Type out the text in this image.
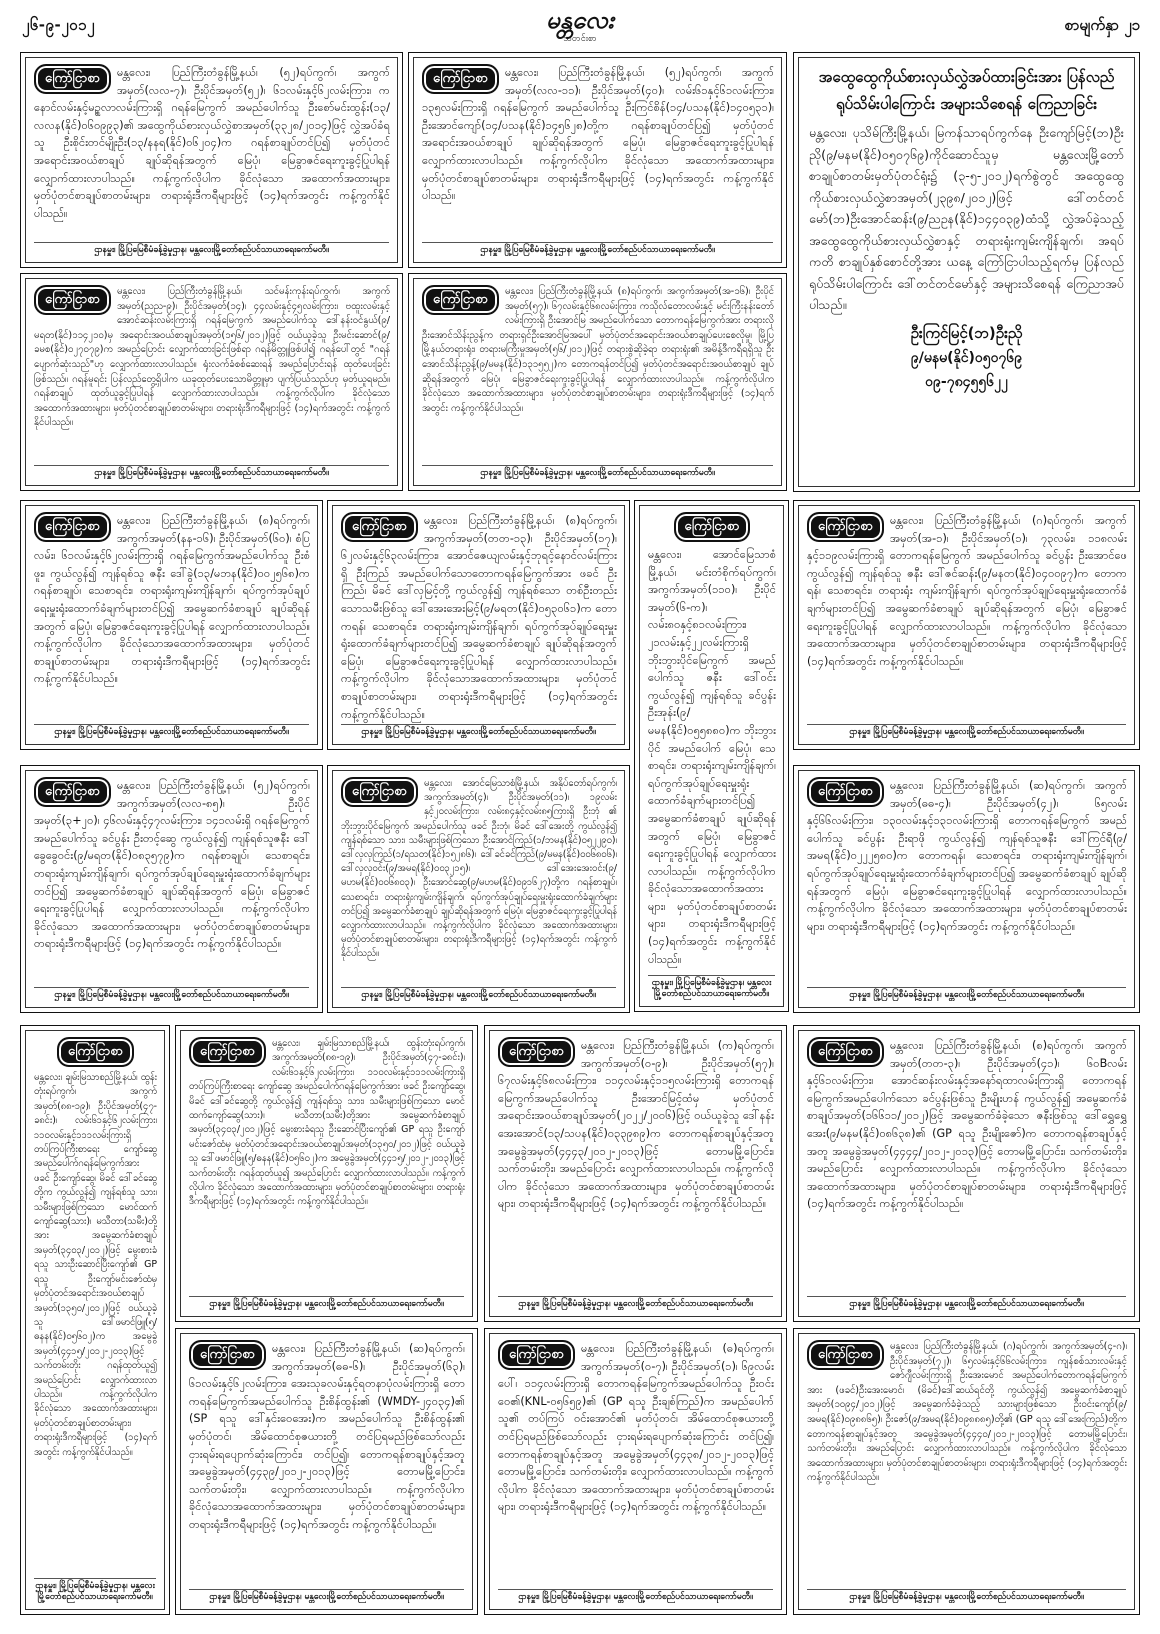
၂၆-၉-၂၀၁၂	မန္တလေး
သတင်းစာ
စာမျက်နှာ ၂၁
ကြော်ငြာစာ	မန္တလေး၊ ပြည်ကြီးတံခွန်မြို့နယ်၊ (၅၂)ရပ်ကွက်၊ အကွက်အမှတ်(လလ-၇)၊ ဦးပိုင်အမှတ်(၅၂)၊ ၆၁လမ်းနှင့်၆၂လမ်းကြား၊ ကနောင်လမ်းနှင့်မဉ္စလာလမ်းကြားရှိ ဂရန်မြေကွက် အမည်ပေါက်သူ ဦးစော်မင်းထွန်း(၁၃/လလန(နိုင်)၀၆၀၉၉၃)၏ အထွေကိုယ်စားလှယ်လွှဲစာအမှတ်(၃၃၂၈/၂၀၁၄)ဖြင့် လွှဲအပ်ခံရသူ ဦးစိုင်းတင်မျိုးဦး(၁၃/နနရ(နိုင်)၀၆၂၀၄)က ဂရန်စာချုပ်တင်ပြ၍ မှတ်ပုံတင်အရောင်းအဝယ်စာချုပ် ချုပ်ဆိုရန်အတွက် မြေပုံ၊ မြေခွာဇင်ရေးကူးခွင့်ပြုပါရန် လျှောက်ထားလာပါသည်။ ကန့်ကွက်လိုပါက ခိုင်လုံသော အထောက်အထားများ၊ မှတ်ပုံတင်စာချုပ်စာတမ်းများ၊ တရားရုံးဒီကရီများဖြင့် (၁၄)ရက်အတွင်း ကန့်ကွက်နိုင်ပါသည်။
ဌာနမှူး၊ မြို့ပြမြေစီမံခန့်ခွဲမှုဌာန၊ မန္တလေးမြို့တော်စည်ပင်သာယာရေးကော်မတီ။
ကြော်ငြာစာ	မန္တလေး၊ ပြည်ကြီးတံခွန်မြို့နယ်၊ (၅၂)ရပ်ကွက်၊ အကွက်အမှတ်(လလ-၁၁)၊ ဦးပိုင်အမှတ်(၄၀)၊ လမ်း၆၁နှင့်၆၁လမ်းကြား၊ ၁၃၅လမ်းကြားရှိ ဂရန်မြေကွက် အမည်ပေါက်သူ ဦးကြင်စိန်(၁၄/ပသန(နိုင်)၁၄၀၅၃၁)၊ ဦးအောင်ကျော်(၁၄/ပသန(နိုင်)၁၄၅၆၂၈)တို့က ဂရန်စာချုပ်တင်ပြ၍ မှတ်ပုံတင်အရောင်းအဝယ်စာချုပ် ချုပ်ဆိုရန်အတွက် မြေပုံ၊ မြေခွာဇင်ရေးကူးခွင့်ပြုပါရန် လျှောက်ထားလာပါသည်။ ကန့်ကွက်လိုပါက ခိုင်လုံသော အထောက်အထားများ၊ မှတ်ပုံတင်စာချုပ်စာတမ်းများ၊ တရားရုံးဒီကရီများဖြင့် (၁၄)ရက်အတွင်း ကန့်ကွက်နိုင်ပါသည်။
ဌာနမှူး၊ မြို့ပြမြေစီမံခန့်ခွဲမှုဌာန၊ မန္တလေးမြို့တော်စည်ပင်သာယာရေးကော်မတီ။
အထွေထွေကိုယ်စားလှယ်လွှဲအပ်ထားခြင်းအား ပြန်လည်ရုပ်သိမ်းပါကြောင်း အများသိစေရန် ကြေညာခြင်း
မန္တလေး၊ ပုသိမ်ကြီးမြို့နယ်၊ မြကန်သာရပ်ကွက်နေ ဦးကျော်မြင့်(ဘ)ဦးညို(၉/မနမ(နိုင်)၀၅၀၇၆၉)ကိုင်ဆောင်သူမှ မန္တလေးမြို့တော် စာချုပ်စာတမ်းမှတ်ပုံတင်ရုံး၌ (၃-၅-၂၀၁၂)ရက်စွဲတွင် အထွေထွေကိုယ်စားလှယ်လွှဲစာအမှတ်(၂၃၉၈/၂၀၁၂)ဖြင့် ဒေါ်တင်တင်မော်(ဘ)ဦးအောင်ဆန်း(၉/ညဥန(နိုင်)၁၄၄၀၃၉)ထံသို့ လွှဲအပ်ခဲ့သည့် အထွေထွေကိုယ်စားလှယ်လွှဲစာနှင့် တရားရုံးကျမ်းကျိန်ချက်၊ အရပ်ကတိ စာချုပ်နှစ်စောင်တို့အား ယနေ့ ကြော်ငြာပါသည့်ရက်မှ ပြန်လည်ရုပ်သိမ်းပါကြောင်း ဒေါ်တင်တင်မော်နှင့် အများသိစေရန် ကြေညာအပ်ပါသည်။
ဦးကြင်မြင့်(ဘ)ဦးညို
၉/မနမ(နိုင်)၀၅၀၇၆၉
၀၉-၇၈၄၅၅၆၂၂
ကြော်ငြာစာ
မန္တလေး၊ ပြည်ကြီးတံခွန်မြို့နယ်၊ သင်မန်းကုန်းရပ်ကွက်၊ အကွက်အမှတ်(ညည-၉)၊ ဦးပိုင်အမှတ်(၁၄)၊ ၄၄လမ်းနှင့်၄၅လမ်းကြား၊ ဗထူးလမ်းနှင့်အောင်ဆန်းလမ်းကြားရှိ ဂရန်မြေကွက် အမည်ပေါက်သူ ဒေါ်နန်းဝင်နွယ်(၉/မရတ(နိုင်)၁၁၄၂၁၀)မှ အရောင်းအဝယ်စာချုပ်အမှတ်(၁၅၆/၂၀၁၂)ဖြင့် ဝယ်ယူခဲ့သူ ဦးမင်းဆောင်(၉/ခမစ(နိုင်)၀၂၇၀၇၉)က အမည်ပြောင်း လျှောက်ထားခြင်းဖြစ်ရာ ဂရန်မိတ္တူဖြစ်ပါ၍ ဂရန်ပေါ်တွင် "ဂရန်ပျောက်ဆုံးသည်"ဟု လျှောက်ထားလာပါသည်။ ရုံးလက်ခံစစ်ဆေးရန် အမည်ပြောင်းရန် ထုတ်ပေးခြင်းဖြစ်သည်။ ဂရန်မူရင်း ပြန်လည်တွေ့ရှိပါက ယခုထုတ်ပေးသောမိတ္တူမှာ ပျက်ပြယ်သည်ဟု မှတ်ယူရမည်။ ဂရန်စာချုပ် ထုတ်ယူခွင့်ပြုပါရန် လျှောက်ထားလာပါသည်။ ကန့်ကွက်လိုပါက ခိုင်လုံသော အထောက်အထားများ၊ မှတ်ပုံတင်စာချုပ်စာတမ်းများ၊ တရားရုံးဒီကရီများဖြင့် (၁၄)ရက်အတွင်း ကန့်ကွက်နိုင်ပါသည်။
ဌာနမှူး၊ မြို့ပြမြေစီမံခန့်ခွဲမှုဌာန၊ မန္တလေးမြို့တော်စည်ပင်သာယာရေးကော်မတီ။
ကြော်ငြာစာ
မန္တလေး၊ ပြည်ကြီးတံခွန်မြို့နယ်၊ (၈)ရပ်ကွက်၊ အကွက်အမှတ်(အ-၁၆)၊ ဦးပိုင်အမှတ်(၅၇)၊ ၆၇လမ်းနှင့်၆၈လမ်းကြား၊ ကသိုလ်တောလမ်းနှင့် မင်းကြီးနန်းတော်လမ်းကြားရှိ ဦးအောင်မြ အမည်ပေါက်သော တောကရန်မြေကွက်အား တရားလို ဦးအောင်သိန်းညွန့်က တရားရှင်ဦးအောင်မြအပေါ် မှတ်ပုံတင်အရောင်းအဝယ်စာချုပ်ပေးစေလိုမှု၊ မြို့ပြမြို့နယ်တရားရုံး၊ တရားမကြီးမှုအမှတ်(၅၆/၂၀၁၂)ဖြင့် တရားစွဲဆိုခဲ့ရာ တရားရုံး၏ အမိန့်ဒီကရီရရှိသူ ဦးအောင်သိန်းညွန့်(၉/မမန(နိုင်)၁၃၁၅၅၂)က တောကရန်တင်ပြ၍ မှတ်ပုံတင်အရောင်းအဝယ်စာချုပ် ချုပ်ဆိုရန်အတွက် မြေပုံ၊ မြေခွာဇင်ရေးကူးခွင့်ပြုပါရန် လျှောက်ထားလာပါသည်။ ကန့်ကွက်လိုပါက ခိုင်လုံသော အထောက်အထားများ၊ မှတ်ပုံတင်စာချုပ်စာတမ်းများ၊ တရားရုံးဒီကရီများဖြင့် (၁၄)ရက်အတွင်း ကန့်ကွက်နိုင်ပါသည်။
ဌာနမှူး၊ မြို့ပြမြေစီမံခန့်ခွဲမှုဌာန၊ မန္တလေးမြို့တော်စည်ပင်သာယာရေးကော်မတီ။
ကြော်ငြာစာ	မန္တလေး၊ ပြည်ကြီးတံခွန်မြို့နယ်၊ (၈)ရပ်ကွက်၊ အကွက်အမှတ်(နန-၁၆)၊ ဦးပိုင်အမှတ်(၆၀)၊ စံပြလမ်း၊ ၆၁လမ်းနှင့်၆၂လမ်းကြားရှိ ဂရန်မြေကွက်အမည်ပေါက်သူ ဦးစံဖူး၊ ကွယ်လွန်၍ ကျန်ရစ်သူ ဇနီး ဒေါ်ခွဲ(၁၃/မဘန(နိုင်)၀၀၂၅၆၈)က ဂရန်စာချုပ်၊ သေစာရင်း၊ တရားရုံးကျမ်းကျိန်ချက်၊ ရပ်ကွက်အုပ်ချုပ်ရေးမှူးရုံးထောက်ခံချက်များတင်ပြ၍ အမွေဆက်ခံစာချုပ် ချုပ်ဆိုရန်အတွက် မြေပုံ၊ မြေခွာဇင်ရေးကူးခွင့်ပြုပါရန် လျှောက်ထားလာပါသည်။ ကန့်ကွက်လိုပါက ခိုင်လုံသောအထောက်အထားများ၊ မှတ်ပုံတင်စာချုပ်စာတမ်းများ၊ တရားရုံးဒီကရီများဖြင့် (၁၄)ရက်အတွင်း ကန့်ကွက်နိုင်ပါသည်။
ဌာနမှူး၊ မြို့ပြမြေစီမံခန့်ခွဲမှုဌာန၊ မန္တလေးမြို့တော်စည်ပင်သာယာရေးကော်မတီ။
ကြော်ငြာစာ	မန္တလေး၊ ပြည်ကြီးတံခွန်မြို့နယ်၊ (၈)ရပ်ကွက်၊ အကွက်အမှတ်(တတ-၁၃)၊ ဦးပိုင်အမှတ်(၁၇)၊ ၆၂လမ်းနှင့်၆၃လမ်းကြား၊ အောင်ဇေယျလမ်းနှင့်ဘုရင့်နောင်လမ်းကြားရှိ ဦးကြည် အမည်ပေါက်သောတောကရန်မြေကွက်အား ဖခင် ဦးကြည်၊ မိခင် ဒေါ်လှမြင့်တို့ ကွယ်လွန်၍ ကျန်ရစ်သော တစ်ဦးတည်းသောသမီးဖြစ်သူ ဒေါ်အေးအေးမြင့်(၉/မရတ(နိုင်)၀၅၃၀၆၁)က တောကရန်၊ သေစာရင်း၊ တရားရုံးကျမ်းကျိန်ချက်၊ ရပ်ကွက်အုပ်ချုပ်ရေးမှူးရုံးထောက်ခံချက်များတင်ပြ၍ အမွေဆက်ခံစာချုပ် ချုပ်ဆိုရန်အတွက် မြေပုံ၊ မြေခွာဇင်ရေးကူးခွင့်ပြုပါရန် လျှောက်ထားလာပါသည်။ ကန့်ကွက်လိုပါက ခိုင်လုံသောအထောက်အထားများ၊ မှတ်ပုံတင်စာချုပ်စာတမ်းများ၊ တရားရုံးဒီကရီများဖြင့် (၁၄)ရက်အတွင်း ကန့်ကွက်နိုင်ပါသည်။
ဌာနမှူး၊ မြို့ပြမြေစီမံခန့်ခွဲမှုဌာန၊ မန္တလေးမြို့တော်စည်ပင်သာယာရေးကော်မတီ။
ကြော်ငြာစာ
မန္တလေး၊ အောင်မြေသာစံမြို့နယ်၊ မင်းတံစိုက်ရပ်ကွက်၊ အကွက်အမှတ်(၁၁၀)၊ ဦးပိုင်အမှတ်(၆-က)၊ လမ်း၈၀နှင့်၈၁လမ်းကြား၊ ၂၁လမ်းနှင့်၂၂လမ်းကြားရှိ ဘိုးဘွားပိုင်မြေကွက် အမည်ပေါက်သူ ဇနီး ဒေါ်ဝင်းကွယ်လွန်၍ ကျန်ရစ်သူ ခင်ပွန်း ဦးအုန်း(၉/မမန(နိုင်)၀၅၅၈၈၀)က ဘိုးဘွားပိုင် အမည်ပေါက် မြေပုံ၊ သေစာရင်း၊ တရားရုံးကျမ်းကျိန်ချက်၊ ရပ်ကွက်အုပ်ချုပ်ရေးမှူးရုံးထောက်ခံချက်များတင်ပြ၍ အမွေဆက်ခံစာချုပ် ချုပ်ဆိုရန်အတွက် မြေပုံ၊ မြေခွာဇင်ရေးကူးခွင့်ပြုပါရန် လျှောက်ထားလာပါသည်။ ကန့်ကွက်လိုပါက ခိုင်လုံသောအထောက်အထားများ၊ မှတ်ပုံတင်စာချုပ်စာတမ်းများ၊ တရားရုံးဒီကရီများဖြင့် (၁၄)ရက်အတွင်း ကန့်ကွက်နိုင်ပါသည်။
ဌာနမှူး၊ မြို့ပြမြေစီမံခန့်ခွဲမှုဌာန၊ မန္တလေးမြို့တော်စည်ပင်သာယာရေးကော်မတီ။
ကြော်ငြာစာ	မန္တလေး၊ ပြည်ကြီးတံခွန်မြို့နယ်၊ (ဂ)ရပ်ကွက်၊ အကွက်အမှတ်(အ-၁)၊ ဦးပိုင်အမှတ်(၁)၊ ၇၃လမ်း၊ ၁၁၈လမ်းနှင့်၁၁၉လမ်းကြားရှိ တောကရန်မြေကွက် အမည်ပေါက်သူ ခင်ပွန်း ဦးအောင်ဖေ ကွယ်လွန်၍ ကျန်ရစ်သူ ဇနီး ဒေါ်ဇင်ဆန်း(၉/မနတ(နိုင်)၀၄၀၀၉၇)က တောကရန်၊ သေစာရင်း၊ တရားရုံး ကျမ်းကျိန်ချက်၊ ရပ်ကွက်အုပ်ချုပ်ရေးမှူးရုံးထောက်ခံချက်များတင်ပြ၍ အမွေဆက်ခံစာချုပ် ချုပ်ဆိုရန်အတွက် မြေပုံ၊ မြေခွာဇင်ရေးကူးခွင့်ပြုပါရန် လျှောက်ထားလာပါသည်။ ကန့်ကွက်လိုပါက ခိုင်လုံသော အထောက်အထားများ၊ မှတ်ပုံတင်စာချုပ်စာတမ်းများ၊ တရားရုံးဒီကရီများဖြင့် (၁၄)ရက်အတွင်း ကန့်ကွက်နိုင်ပါသည်။
ဌာနမှူး၊ မြို့ပြမြေစီမံခန့်ခွဲမှုဌာန၊ မန္တလေးမြို့တော်စည်ပင်သာယာရေးကော်မတီ။
ကြော်ငြာစာ	မန္တလေး၊ ပြည်ကြီးတံခွန်မြို့နယ်၊ (၅၂)ရပ်ကွက်၊ အကွက်အမှတ်(လလ-၈၅)၊ ဦးပိုင်အမှတ်(၃+၂၀)၊ ၄၆လမ်းနှင့်၄၇လမ်းကြား၊ ၁၄၁လမ်းရှိ ဂရန်မြေကွက်အမည်ပေါက်သူ ခင်ပွန်း ဦးတင့်ဆွေ ကွယ်လွန်၍ ကျန်ရစ်သူဇနီး ဒေါ်ခွေခွေဝင်း(၉/မရတ(နိုင်)၀၈၃၅၇၉)က ဂရန်စာချုပ်၊ သေစာရင်း၊ တရားရုံးကျမ်းကျိန်ချက်၊ ရပ်ကွက်အုပ်ချုပ်ရေးမှူးရုံးထောက်ခံချက်များတင်ပြ၍ အမွေဆက်ခံစာချုပ် ချုပ်ဆိုရန်အတွက် မြေပုံ၊ မြေခွာဇင်ရေးကူးခွင့်ပြုပါရန် လျှောက်ထားလာပါသည်။ ကန့်ကွက်လိုပါက ခိုင်လုံသော အထောက်အထားများ၊ မှတ်ပုံတင်စာချုပ်စာတမ်းများ၊ တရားရုံးဒီကရီများဖြင့် (၁၄)ရက်အတွင်း ကန့်ကွက်နိုင်ပါသည်။
ဌာနမှူး၊ မြို့ပြမြေစီမံခန့်ခွဲမှုဌာန၊ မန္တလေးမြို့တော်စည်ပင်သာယာရေးကော်မတီ။
ကြော်ငြာစာ
မန္တလေး၊ အောင်မြေသာစံမြို့နယ်၊ အနိုပ်တော်ရပ်ကွက်၊ အကွက်အမှတ်(၄)၊ ဦးပိုင်အမှတ်(၁၁)၊ ၁၉လမ်းနှင့်၂၀လမ်းကြား၊ လမ်း၈၄နှင့်လမ်း၈၅ကြားရှိ ဦးဘုံ ၏ ဘိုးဘွားပိုင်မြေကွက် အမည်ပေါက်သူ ဖခင် ဦးဘုံ၊ မိခင် ဒေါ်အေးတို့ ကွယ်လွန်၍ ကျန်ရစ်သော သား၊ သမီးများဖြစ်ကြသော ဦးအောင်ကြည်(၁/ဘမန(နိုင်)၀၅၂၂၉၀)၊ ဒေါ်လှလှကြည်(၁/ရသတ(နိုင်)၁၅၂၈၆)၊ ဒေါ်ခင်ခင်ကြည်(၉/မမန(နိုင်)၀၀၆၈၀၆)၊ ဒေါ်လှလှဝင်း(၉/အမရ(နိုင်)၀၀၃၂၁၅)၊ ဒေါ်အေးအေးဝင်း(၉/မဟမ(နိုင်)၀၀၆၈၀၃)၊ ဦးအောင်ဆွေ(၉/မဟမ(နိုင်)၀၉၁၆၂၇)တို့က ဂရန်စာချုပ်၊ သေစာရင်း၊ တရားရုံးကျမ်းကျိန်ချက်၊ ရပ်ကွက်အုပ်ချုပ်ရေးမှူးရုံးထောက်ခံချက်များတင်ပြ၍ အမွေဆက်ခံစာချုပ် ချုပ်ဆိုရန်အတွက် မြေပုံ၊ မြေခွာဇင်ရေးကူးခွင့်ပြုပါရန် လျှောက်ထားလာပါသည်။ ကန့်ကွက်လိုပါက ခိုင်လုံသော အထောက်အထားများ၊ မှတ်ပုံတင်စာချုပ်စာတမ်းများ၊ တရားရုံးဒီကရီများဖြင့် (၁၄)ရက်အတွင်း ကန့်ကွက်နိုင်ပါသည်။
ဌာနမှူး၊ မြို့ပြမြေစီမံခန့်ခွဲမှုဌာန၊ မန္တလေးမြို့တော်စည်ပင်သာယာရေးကော်မတီ။
ကြော်ငြာစာ	မန္တလေး၊ ပြည်ကြီးတံခွန်မြို့နယ်၊ (ဆ)ရပ်ကွက်၊ အကွက်အမှတ်(ဓဓ-၄)၊ ဦးပိုင်အမှတ်(၄၂)၊ ၆၅လမ်းနှင့်၆၆လမ်းကြား၊ ၁၃၀လမ်းနှင့်၁၃၁လမ်းကြားရှိ တောကရန်မြေကွက် အမည်ပေါက်သူ ခင်ပွန်း ဦးရာဖို ကွယ်လွန်၍ ကျန်ရစ်သူဇနီး ဒေါ်ကြင်ရီ(၉/အမရ(နိုင်)၀၂၂၂၅၈၀)က တောကရန်၊ သေစာရင်း၊ တရားရုံးကျမ်းကျိန်ချက်၊ ရပ်ကွက်အုပ်ချုပ်ရေးမှူးရုံးထောက်ခံချက်များတင်ပြ၍ အမွေဆက်ခံစာချုပ် ချုပ်ဆိုရန်အတွက် မြေပုံ၊ မြေခွာဇင်ရေးကူးခွင့်ပြုပါရန် လျှောက်ထားလာပါသည်။ ကန့်ကွက်လိုပါက ခိုင်လုံသော အထောက်အထားများ၊ မှတ်ပုံတင်စာချုပ်စာတမ်းများ၊ တရားရုံးဒီကရီများဖြင့် (၁၄)ရက်အတွင်း ကန့်ကွက်နိုင်ပါသည်။
ဌာနမှူး၊ မြို့ပြမြေစီမံခန့်ခွဲမှုဌာန၊ မန္တလေးမြို့တော်စည်ပင်သာယာရေးကော်မတီ။
ကြော်ငြာစာ
မန္တလေး၊ ချမ်းမြသာစည်မြို့နယ်၊ ထွန်းတုံးရပ်ကွက်၊ အကွက်အမှတ်(၈၈-၁၉)၊ ဦးပိုင်အမှတ်(၄၇-ခ၈င်း)၊ လမ်း၆၁နှင့်၆၂လမ်းကြား၊ ၁၁၀လမ်းနှင့်၁၁၁လမ်းကြားရှိ တပ်ကြပ်ကြီးစာရေး ကျော်ဆွေ အမည်ပေါက်ဂရန်မြေကွက်အား ဖခင် ဦးကျော်ဆွေ၊ မိခင် ဒေါ်ခင်ဆွေတို့က ကွယ်လွန်၍ ကျန်ရစ်သူ သား၊ သမီးများဖြစ်ကြသော မောင်ထက်ကျော်ဆွေ(သား)၊ မသီတာ(သမီး)တို့အား အမွေဆက်ခံစာချုပ်အမှတ်(၃၄၀၃/၂၀၁၂)ဖြင့် မွေးစားခံရသူ သားဦးဆောင်ပြီးကျော်၏ GP ရသူ ဦးကျော်မင်းဇော်ထံမှ မှတ်ပုံတင်အရောင်းအဝယ်စာချုပ်အမှတ်(၁၃၅၀/၂၀၁၂)ဖြင့် ဝယ်ယူခဲ့သူ ဒေါ်ဖမာင်ဖြူ(၅/ဓနန(နိုင်)၀၅၆၀၂)က အမွေခွဲအမှတ်(၄၄၁၅/၂၀၁၂-၂၀၁၃)ဖြင့် သက်တမ်းတိုး ဂရန်ထုတ်ယူ၍ အမည်ပြောင်း လျှောက်ထားလာပါသည်။ ကန့်ကွက်လိုပါက ခိုင်လုံသော အထောက်အထားများ၊ မှတ်ပုံတင်စာချုပ်စာတမ်းများ၊ တရားရုံးဒီကရီများဖြင့် (၁၄)ရက်အတွင်း ကန့်ကွက်နိုင်ပါသည်။
ဌာနမှူး၊ မြို့ပြမြေစီမံခန့်ခွဲမှုဌာန၊ မန္တလေးမြို့တော်စည်ပင်သာယာရေးကော်မတီ။
ကြော်ငြာစာ
မန္တလေး၊ ချမ်းမြသာစည်မြို့နယ်၊ ထွန်းတုံးရပ်ကွက်၊ အကွက်အမှတ်(၈၈-၁၉)၊ ဦးပိုင်အမှတ်(၄၇-ခ၈င်း)၊ လမ်း၆၁နှင့်၆၂လမ်းကြား၊ ၁၁၀လမ်းနှင့်၁၁၁လမ်းကြားရှိ တပ်ကြပ်ကြီးစာရေး ကျော်ဆွေ အမည်ပေါက်ဂရန်မြေကွက်အား ဖခင် ဦးကျော်ဆွေ၊ မိခင် ဒေါ်ခင်ဆွေတို့ ကွယ်လွန်၍ ကျန်ရစ်သူ သား၊ သမီးများဖြစ်ကြသော မောင်ထက်ကျော်ဆွေ(သား)၊ မသီတာ(သမီး)တို့အား အမွေဆက်ခံစာချုပ်အမှတ်(၃၄၀၃/၂၀၁၂)ဖြင့် မွေးစားခံရသူ ဦးဆောင်ပြီးကျော်၏ GP ရသူ ဦးကျော်မင်းဇော်ထံမှ မှတ်ပုံတင်အရောင်းအဝယ်စာချုပ်အမှတ်(၁၃၅၀/၂၀၁၂)ဖြင့် ဝယ်ယူခဲ့သူ ဒေါ်ဖမာင်ဖြူ(၅/ဓနန(နိုင်)၀၅၆၀၂)က အမွေခွဲအမှတ်(၄၄၁၅/၂၀၁၂-၂၀၁၃)ဖြင့် သက်တမ်းတိုး ဂရန်ထုတ်ယူ၍ အမည်ပြောင်း လျှောက်ထားလာပါသည်။ ကန့်ကွက်လိုပါက ခိုင်လုံသော အထောက်အထားများ၊ မှတ်ပုံတင်စာချုပ်စာတမ်းများ၊ တရားရုံးဒီကရီများဖြင့် (၁၄)ရက်အတွင်း ကန့်ကွက်နိုင်ပါသည်။
ဌာနမှူး၊ မြို့ပြမြေစီမံခန့်ခွဲမှုဌာန၊ မန္တလေးမြို့တော်စည်ပင်သာယာရေးကော်မတီ။
ကြော်ငြာစာ	မန္တလေး၊ ပြည်ကြီးတံခွန်မြို့နယ်၊ (က)ရပ်ကွက်၊ အကွက်အမှတ်(ဝ-၉)၊ ဦးပိုင်အမှတ်(၅၇)၊ ၆၇လမ်းနှင့်၆၈လမ်းကြား၊ ၁၁၄လမ်းနှင့်၁၁၅လမ်းကြားရှိ တောကရန်မြေကွက်အမည်ပေါက်သူ ဦးအောင်မြင့်ထံမှ မှတ်ပုံတင်အရောင်းအဝယ်စာချုပ်အမှတ်(၂၀၂၂/၂၀၀၆)ဖြင့် ဝယ်ယူခဲ့သူ ဒေါ်နန်းအေးအောင်(၁၃/သပန(နိုင်)၀၃၃၉၈၉)က တောကရန်စာချုပ်နှင့်အတူ အမွေခွဲအမှတ်(၄၄၄၃/၂၀၁၂-၂၀၁၃)ဖြင့် တောမမြို့ပြောင်း၊ သက်တမ်းတိုး၊ အမည်ပြောင်း လျှောက်ထားလာပါသည်။ ကန့်ကွက်လိုပါက ခိုင်လုံသော အထောက်အထားများ၊ မှတ်ပုံတင်စာချုပ်စာတမ်းများ၊ တရားရုံးဒီကရီများဖြင့် (၁၄)ရက်အတွင်း ကန့်ကွက်နိုင်ပါသည်။
ဌာနမှူး၊ မြို့ပြမြေစီမံခန့်ခွဲမှုဌာန၊ မန္တလေးမြို့တော်စည်ပင်သာယာရေးကော်မတီ။
ကြော်ငြာစာ	မန္တလေး၊ ပြည်ကြီးတံခွန်မြို့နယ်၊ (စ)ရပ်ကွက်၊ အကွက်အမှတ်(တတ-၃)၊ ဦးပိုင်အမှတ်(၄၁)၊ ၆၀Bလမ်းနှင့်၆၁လမ်းကြား၊ အောင်ဆန်းလမ်းနှင့်အနော်ရထာလမ်းကြားရှိ တောကရန်မြေကွက်အမည်ပေါက်သော ခင်ပွန်းဖြစ်သူ ဦးမျိုးဟန် ကွယ်လွန်၍ အမွေဆက်ခံစာချုပ်အမှတ်(၁၆၆၁၁/၂၀၁၂)ဖြင့် အမွေဆက်ခံခဲ့သော ဇနီးဖြစ်သူ ဒေါ်ရွှေရွှေအေး(၉/မနမ(နိုင်)၀၈၆၃၈)၏ (GP ရသူ ဦးမျိုးဇော်)က တောကရန်စာချုပ်နှင့်အတူ အမွေခွဲအမှတ်(၄၄၄၄/၂၀၁၂-၂၀၁၃)ဖြင့် တောမမြို့ပြောင်း၊ သက်တမ်းတိုး၊ အမည်ပြောင်း လျှောက်ထားလာပါသည်။ ကန့်ကွက်လိုပါက ခိုင်လုံသောအထောက်အထားများ၊ မှတ်ပုံတင်စာချုပ်စာတမ်းများ၊ တရားရုံးဒီကရီများဖြင့် (၁၄)ရက်အတွင်း ကန့်ကွက်နိုင်ပါသည်။
ဌာနမှူး၊ မြို့ပြမြေစီမံခန့်ခွဲမှုဌာန၊ မန္တလေးမြို့တော်စည်ပင်သာယာရေးကော်မတီ။
ကြော်ငြာစာ	မန္တလေး၊ ပြည်ကြီးတံခွန်မြို့နယ်၊ (ဆ)ရပ်ကွက်၊ အကွက်အမှတ်(ဓဓ-၆)၊ ဦးပိုင်အမှတ်(၆၃)၊ ၆၁လမ်းနှင့်၆၂လမ်းကြား၊ အေးသုခလမ်းနှင့်ရတနာပုံလမ်းကြားရှိ တောကရန်မြေကွက်အမည်ပေါက်သူ ဦးစိန်ထွန်း၏ (WMDY-၂၄၀၃၄)၏ (SP ရသူ ဒေါ်နှင်းဝေအေး)က အမည်ပေါက်သူ ဦးစိန်ထွန်း၏ မှတ်ပုံတင်၊ အိမ်ထောင်စုဇယားတို့ တင်ပြရမည်ဖြစ်သော်လည်း ငှားရမ်းရပျောက်ဆုံးကြောင်း၊ တင်ပြ၍၊ တောကရန်စာချုပ်နှင့်အတူ အမွေခွဲအမှတ်(၄၄၃၉/၂၀၁၂-၂၀၁၃)ဖြင့် တောမမြို့ပြောင်း၊ သက်တမ်းတိုး၊ လျှောက်ထားလာပါသည်။ ကန့်ကွက်လိုပါက ခိုင်လုံသောအထောက်အထားများ၊ မှတ်ပုံတင်စာချုပ်စာတမ်းများ၊ တရားရုံးဒီကရီများဖြင့် (၁၄)ရက်အတွင်း ကန့်ကွက်နိုင်ပါသည်။
ဌာနမှူး၊ မြို့ပြမြေစီမံခန့်ခွဲမှုဌာန၊ မန္တလေးမြို့တော်စည်ပင်သာယာရေးကော်မတီ။
ကြော်ငြာစာ	မန္တလေး၊ ပြည်ကြီးတံခွန်မြို့နယ်၊ (ဓ)ရပ်ကွက်၊ အကွက်အမှတ်(၀-၇)၊ ဦးပိုင်အမှတ်(၁)၊ ၆၉လမ်းပေါ်၊ ၁၁၄လမ်းကြားရှိ တောကရန်မြေကွက်အမည်ပေါက်သူ ဦးဝင်းဝေ၏(KNL-၀၅၆၅၉)၏ (GP ရသူ ဦးချစ်ကြည်)က အမည်ပေါက်သူ၏ တပ်ကြပ် ဝင်းအောင်၏ မှတ်ပုံတင်၊ အိမ်ထောင်စုဇယားတို့ တင်ပြရမည်ဖြစ်သော်လည်း ငှားရမ်းရပျောက်ဆုံးကြောင်း တင်ပြ၍၊ တောကရန်စာချုပ်နှင့်အတူ အမွေခွဲအမှတ်(၄၄၃၈/၂၀၁၂-၂၀၁၃)ဖြင့် တောမမြို့ပြောင်း၊ သက်တမ်းတိုး၊ လျှောက်ထားလာပါသည်။ ကန့်ကွက်လိုပါက ခိုင်လုံသော အထောက်အထားများ၊ မှတ်ပုံတင်စာချုပ်စာတမ်းများ၊ တရားရုံးဒီကရီများဖြင့် (၁၄)ရက်အတွင်း ကန့်ကွက်နိုင်ပါသည်။
ဌာနမှူး၊ မြို့ပြမြေစီမံခန့်ခွဲမှုဌာန၊ မန္တလေးမြို့တော်စည်ပင်သာယာရေးကော်မတီ။
ကြော်ငြာစာ
မန္တလေး၊ ပြည်ကြီးတံခွန်မြို့နယ်၊ (ဂ)ရပ်ကွက်၊ အကွက်အမှတ်(၄-ဂ)၊ ဦးပိုင်အမှတ်(၇၂)၊ ၆၅လမ်းနှင့်၆၆လမ်းကြား၊ ကျန်စစ်သားလမ်းနှင့်ဇော်ဂျီလမ်းကြားရှိ ဦးအေးမောင် အမည်ပေါက်တောကရန်မြေကွက်အား (ဖခင်)ဦးအေးမောင်၊ (မိခင်)ဒေါ်ဆယ်ရင်တို့ ကွယ်လွန်၍ အမွေဆက်ခံစာချုပ်အမှတ်(၁၀၉၄/၂၀၁၂)ဖြင့် အမွေဆက်ခံခဲ့သည့် သားများဖြစ်သော ဦးဝင်းကျော်(၉/အမရ(နိုင်)၀၉၈၈၆၅)၊ ဦးဇော်(၉/အမရ(နိုင်)၀၉၈၈၈၅)တို့၏ (GP ရသူ ဒေါ်အေးကြည်)တို့က တောကရန်စာချုပ်နှင့်အတူ အမွေခွဲအမှတ်(၄၄၄၀/၂၀၁၂-၂၀၁၃)ဖြင့် တောမမြို့ပြောင်း၊ သက်တမ်းတိုး၊ အမည်ပြောင်း လျှောက်ထားလာပါသည်။ ကန့်ကွက်လိုပါက ခိုင်လုံသောအထောက်အထားများ၊ မှတ်ပုံတင်စာချုပ်စာတမ်းများ၊ တရားရုံးဒီကရီများဖြင့် (၁၄)ရက်အတွင်း ကန့်ကွက်နိုင်ပါသည်။
ဌာနမှူး၊ မြို့ပြမြေစီမံခန့်ခွဲမှုဌာန၊ မန္တလေးမြို့တော်စည်ပင်သာယာရေးကော်မတီ။
